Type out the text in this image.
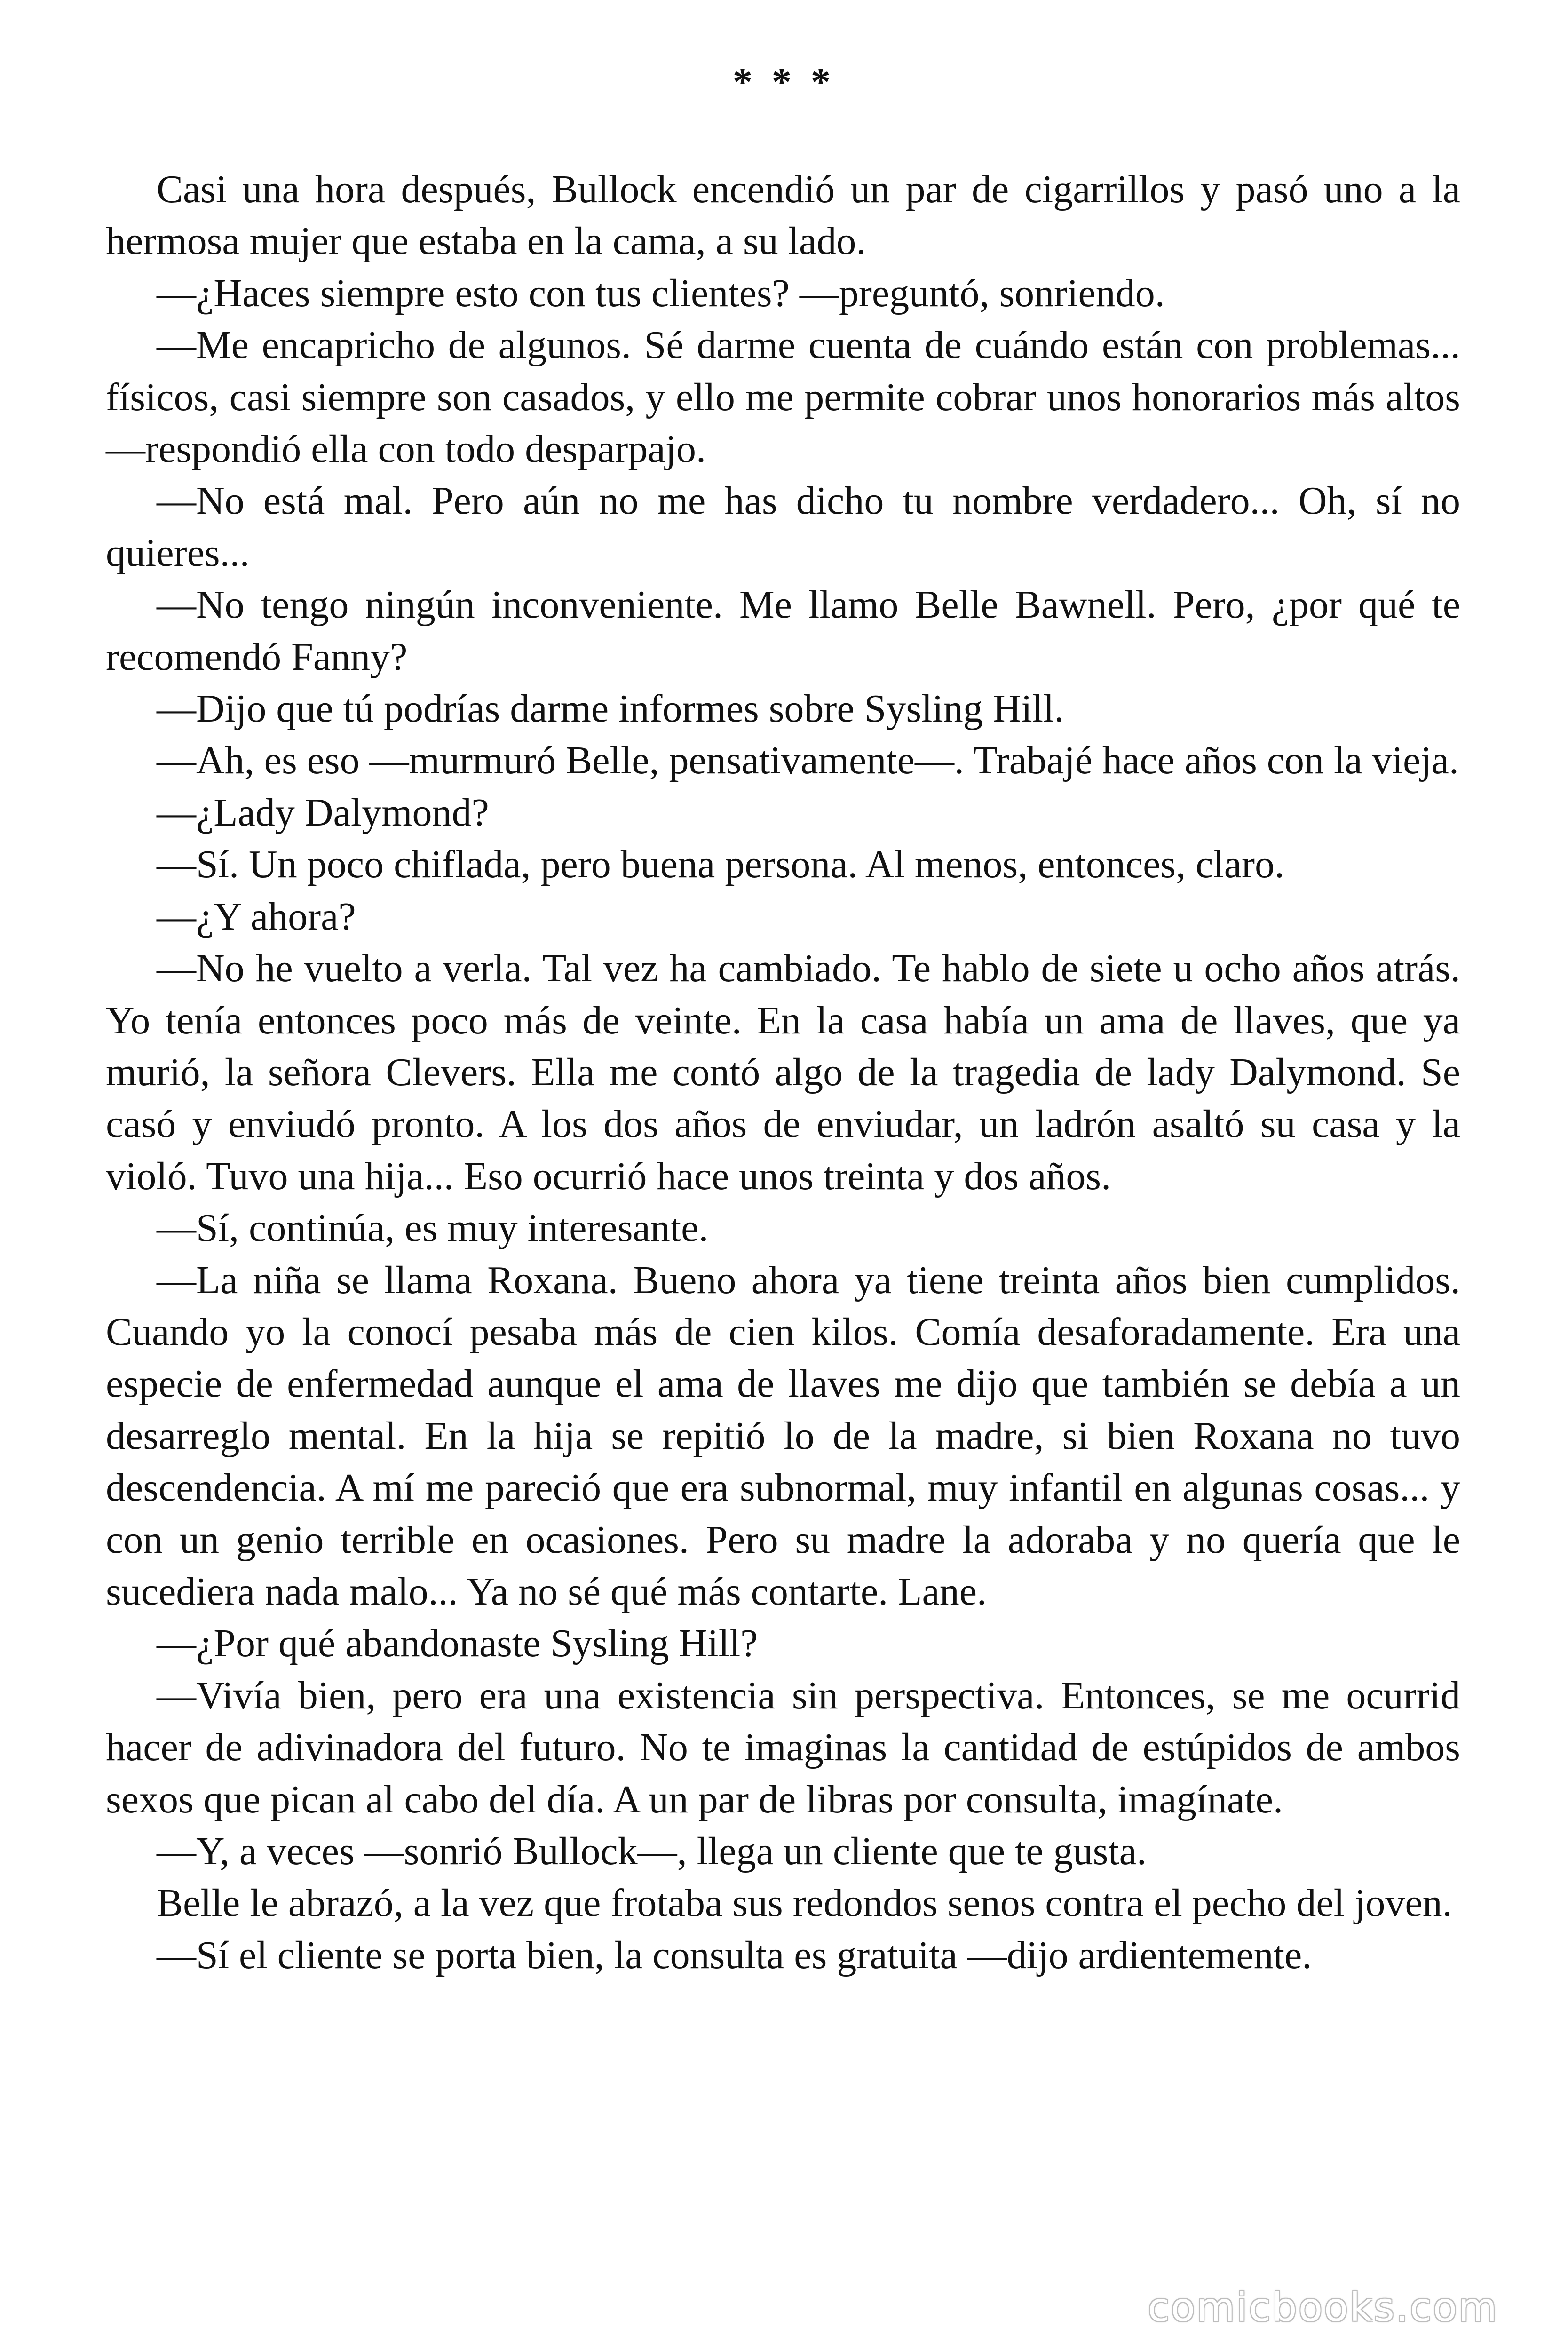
* * *

Casi una hora después, Bullock encendió un par de cigarrillos y pasó uno a la hermosa mujer que estaba en la cama, a su lado.

—¿Haces siempre esto con tus clientes? —preguntó, sonriendo.

—Me encapricho de algunos. Sé darme cuenta de cuándo están con problemas... físicos, casi siempre son casados, y ello me permite cobrar unos honorarios más altos —respondió ella con todo desparpajo.

—No está mal. Pero aún no me has dicho tu nombre verdadero... Oh, sí no quieres...

—No tengo ningún inconveniente. Me llamo Belle Bawnell. Pero, ¿por qué te recomendó Fanny?

—Dijo que tú podrías darme informes sobre Sysling Hill.

—Ah, es eso —murmuró Belle, pensativamente—. Trabajé hace años con la vieja.

—¿Lady Dalymond?

—Sí. Un poco chiflada, pero buena persona. Al menos, entonces, claro.

—¿Y ahora?

—No he vuelto a verla. Tal vez ha cambiado. Te hablo de siete u ocho años atrás. Yo tenía entonces poco más de veinte. En la casa había un ama de llaves, que ya murió, la señora Clevers. Ella me contó algo de la tragedia de lady Dalymond. Se casó y enviudó pronto. A los dos años de enviudar, un ladrón asaltó su casa y la violó. Tuvo una hija... Eso ocurrió hace unos treinta y dos años.

—Sí, continúa, es muy interesante.

—La niña se llama Roxana. Bueno ahora ya tiene treinta años bien cumplidos. Cuando yo la conocí pesaba más de cien kilos. Comía desaforadamente. Era una especie de enfermedad aunque el ama de llaves me dijo que también se debía a un desarreglo mental. En la hija se repitió lo de la madre, si bien Roxana no tuvo descendencia. A mí me pareció que era subnormal, muy infantil en algunas cosas... y con un genio terrible en ocasiones. Pero su madre la adoraba y no quería que le sucediera nada malo... Ya no sé qué más contarte. Lane.

—¿Por qué abandonaste Sysling Hill?

—Vivía bien, pero era una existencia sin perspectiva. Entonces, se me ocurrid hacer de adivinadora del futuro. No te imaginas la cantidad de estúpidos de ambos sexos que pican al cabo del día. A un par de libras por consulta, imagínate.

—Y, a veces —sonrió Bullock—, llega un cliente que te gusta.

Belle le abrazó, a la vez que frotaba sus redondos senos contra el pecho del joven.

—Sí el cliente se porta bien, la consulta es gratuita —dijo ardientemente.

comicbooks.com
